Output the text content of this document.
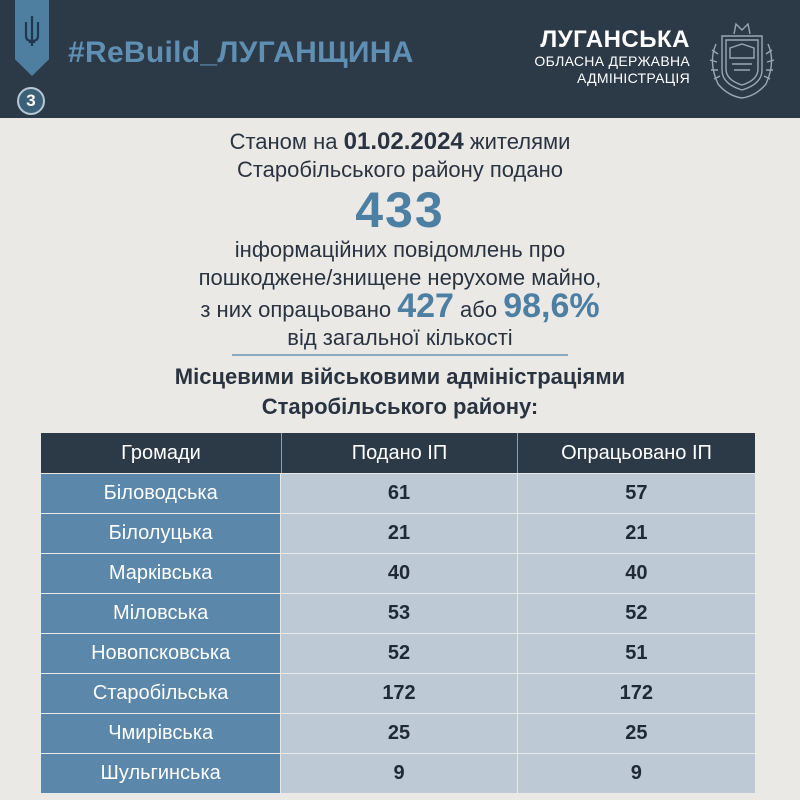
3
#ReBuild_ЛУГАНЩИНА	ЛУГАНСЬКА
ОБЛАСНА ДЕРЖАВНА
АДМІНІСТРАЦІЯ
Станом на 01.02.2024 жителями
Старобільського району подано
433
інформаційних повідомлень про
пошкоджене/знищене нерухоме майно,
з них опрацьовано 427 або 98,6%
від загальної кількості
Місцевими військовими адміністраціями
Старобільського району:
Громади	Подано ІП	Опрацьовано ІП
Біловодська	61	57
Білолуцька	21	21
Марківська	40	40
Міловська	53	52
Новопсковська	52	51
Старобільська	172	172
Чмирівська	25	25
Шульгинська	9	9
